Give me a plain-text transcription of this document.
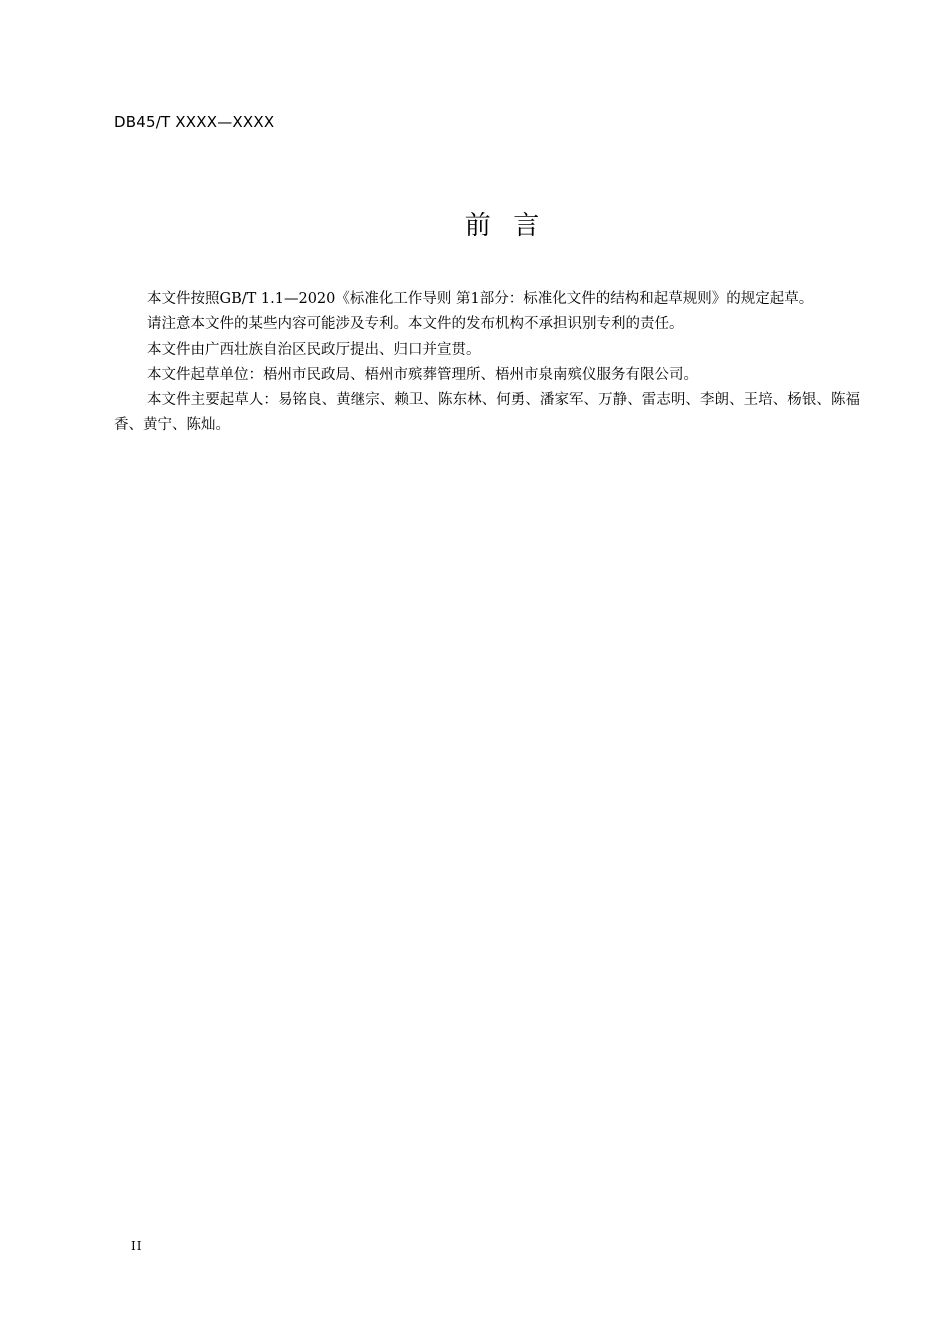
DB45/T XXXX—XXXX
前  言

本文件按照GB/T 1.1—2020《标准化工作导则 第1部分：标准化文件的结构和起草规则》的规定起草。

请注意本文件的某些内容可能涉及专利。本文件的发布机构不承担识别专利的责任。

本文件由广西壮族自治区民政厅提出、归口并宣贯。

本文件起草单位：梧州市民政局、梧州市殡葬管理所、梧州市泉南殡仪服务有限公司。

本文件主要起草人：易铭良、黄继宗、赖卫、陈东林、何勇、潘家军、万静、雷志明、李朗、王培、杨银、陈福香、黄宁、陈灿。

II
